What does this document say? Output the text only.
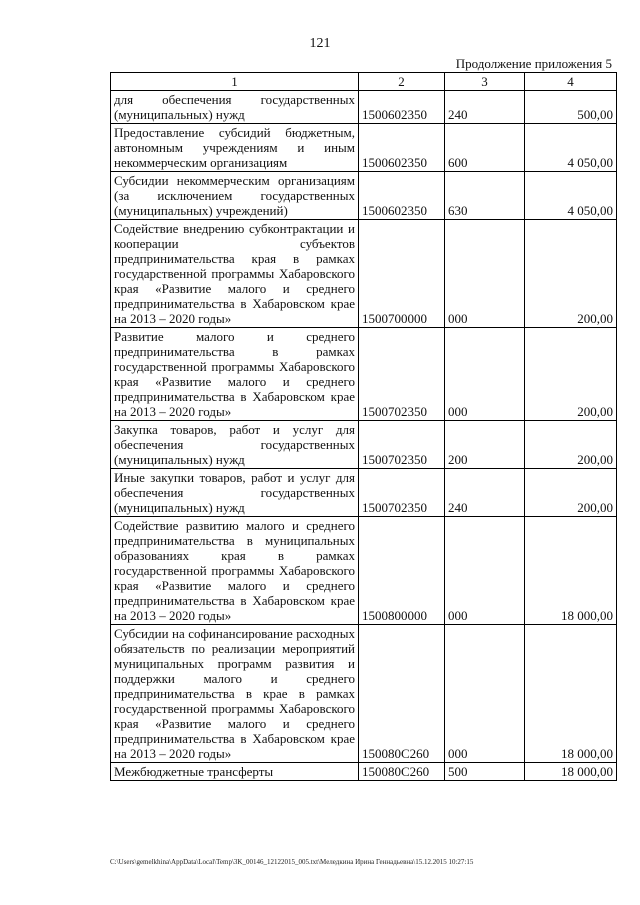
121
Продолжение приложения 5
1	2	3	4
для обеспечения государственных (муниципальных) нужд	1500602350	240	500,00
Предоставление субсидий бюджетным, автономным учреждениям и иным некоммерческим организациям	1500602350	600	4 050,00
Субсидии некоммерческим организациям (за исключением государственных (муниципальных) учреждений)	1500602350	630	4 050,00
Содействие внедрению субконтрактации и кооперации субъектов предпринимательства края в рамках государственной программы Хабаровского края «Развитие малого и среднего предпринимательства в Хабаровском крае на 2013 – 2020 годы»	1500700000	000	200,00
Развитие малого и среднего предпринимательства в рамках государственной программы Хабаровского края «Развитие малого и среднего предпринимательства в Хабаровском крае на 2013 – 2020 годы»	1500702350	000	200,00
Закупка товаров, работ и услуг для обеспечения государственных (муниципальных) нужд	1500702350	200	200,00
Иные закупки товаров, работ и услуг для обеспечения государственных (муниципальных) нужд	1500702350	240	200,00
Содействие развитию малого и среднего предпринимательства в муниципальных образованиях края в рамках государственной программы Хабаровского края «Развитие малого и среднего предпринимательства в Хабаровском крае на 2013 – 2020 годы»	1500800000	000	18 000,00
Субсидии на софинансирование расходных обязательств по реализации мероприятий муниципальных программ развития и поддержки малого и среднего предпринимательства в крае в рамках государственной программы Хабаровского края «Развитие малого и среднего предпринимательства в Хабаровском крае на 2013 – 2020 годы»	150080С260	000	18 000,00
Межбюджетные трансферты	150080С260	500	18 000,00
C:\Users\gemelkhina\AppData\Local\Temp\3K_00146_12122015_005.txt\Меледкина Ирина Геннадьевна\15.12.2015 10:27:15
